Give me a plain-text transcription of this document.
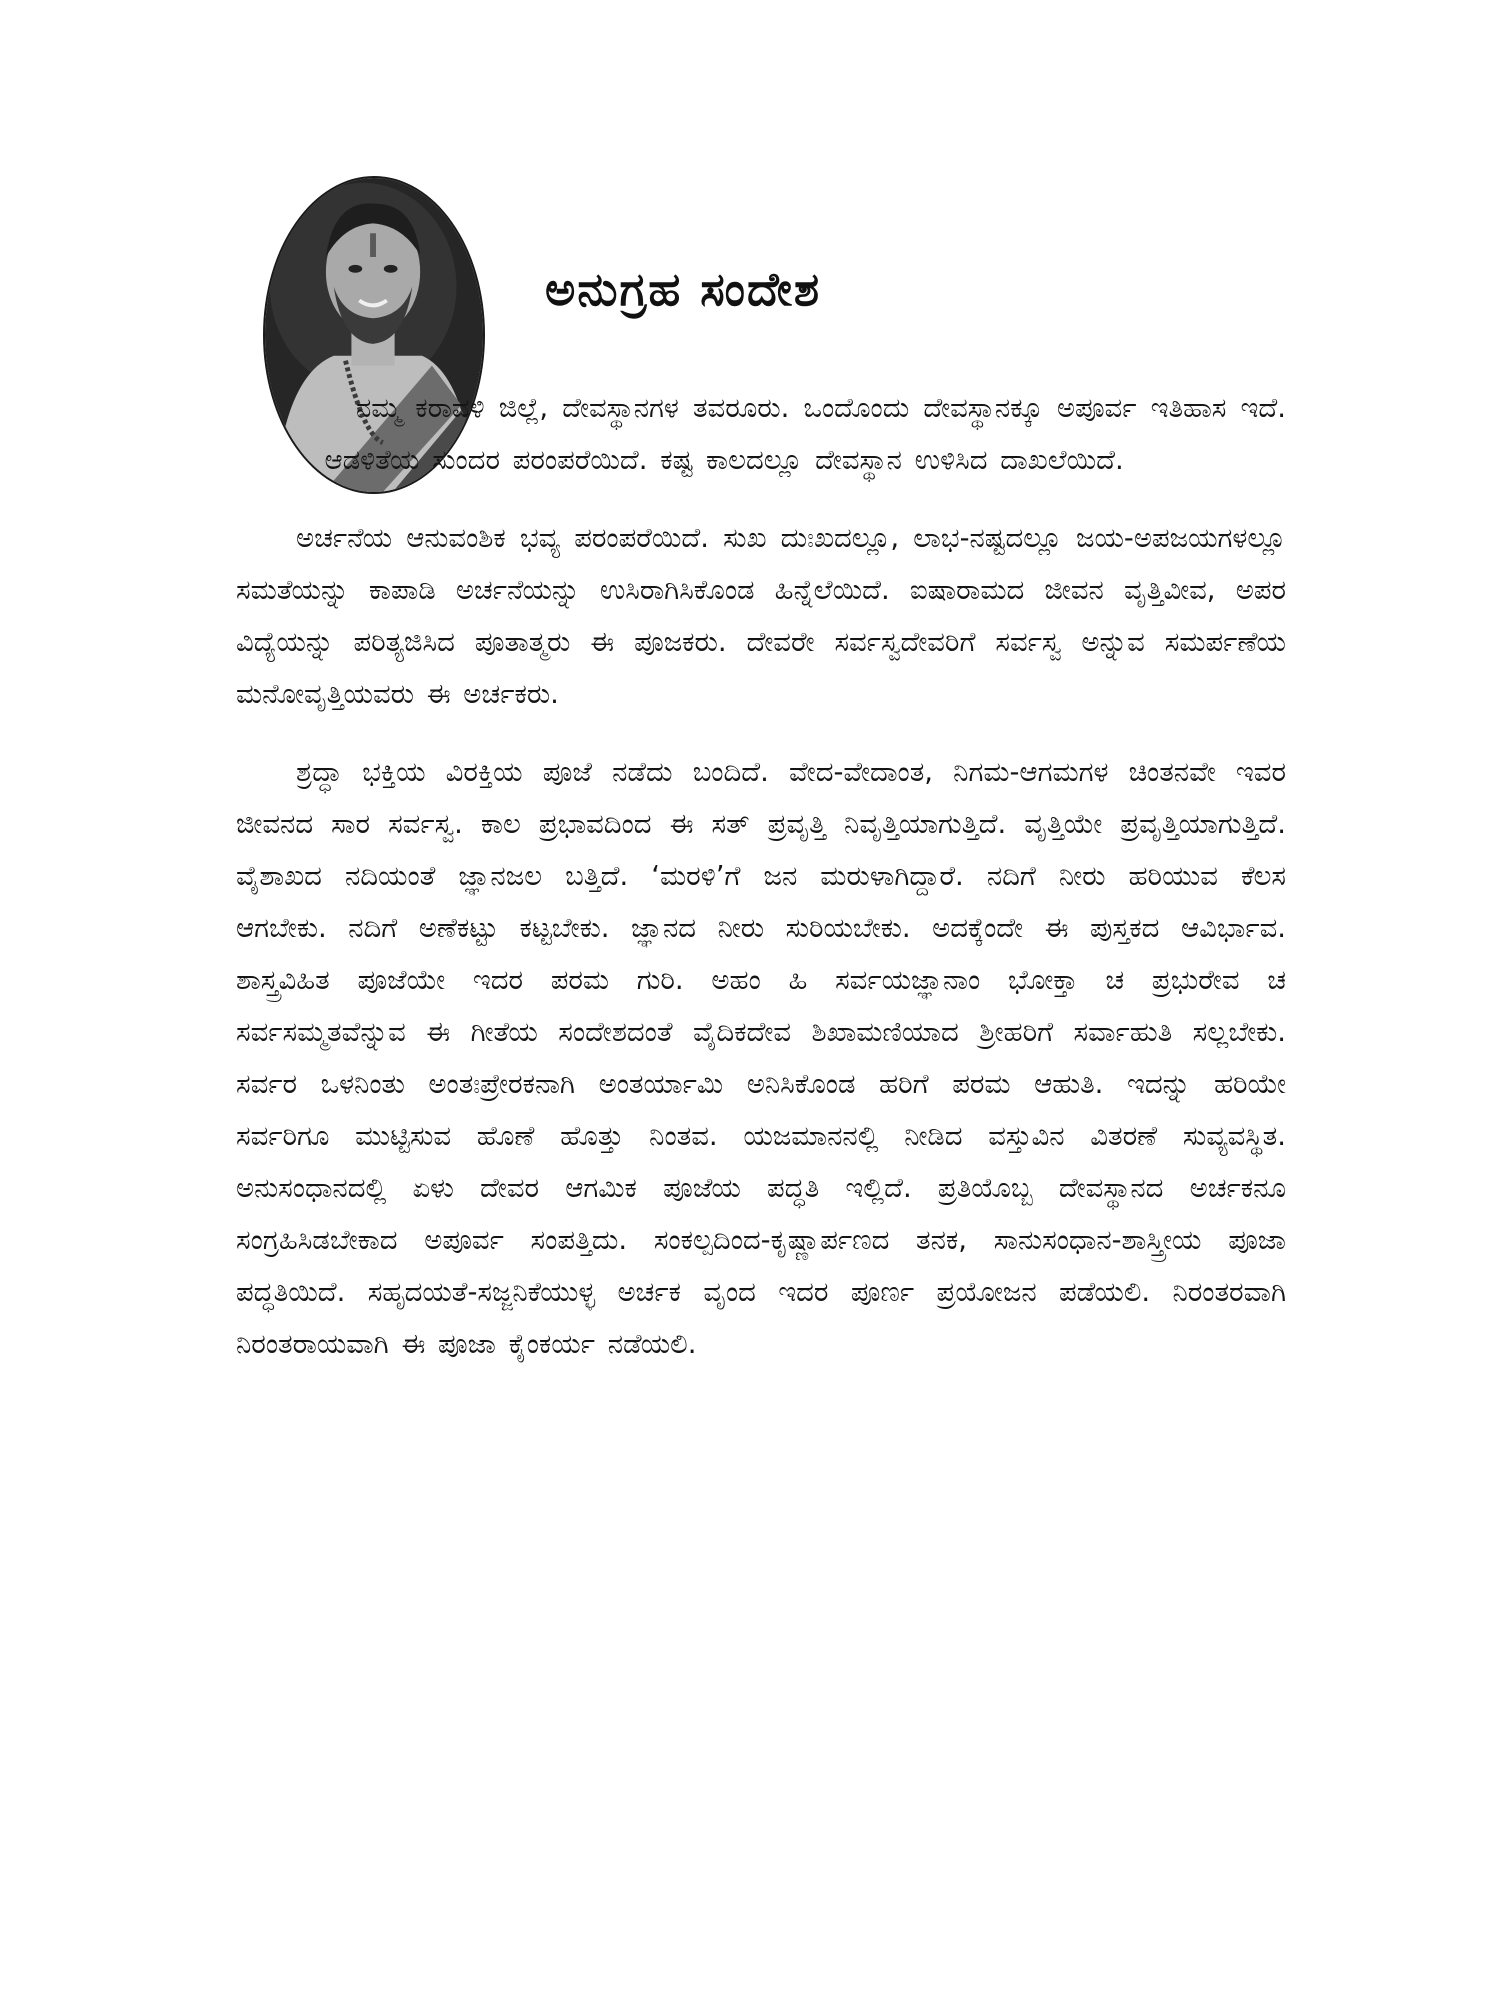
ಅನುಗ್ರಹ ಸಂದೇಶ

ನಮ್ಮ ಕರಾವಳಿ ಜಿಲ್ಲೆ, ದೇವಸ್ಥಾನಗಳ ತವರೂರು. ಒಂದೊಂದು ದೇವಸ್ಥಾನಕ್ಕೂ ಅಪೂರ್ವ ಇತಿಹಾಸ ಇದೆ. ಆಡಳಿತೆಯ ಸುಂದರ ಪರಂಪರೆಯಿದೆ. ಕಷ್ಟ ಕಾಲದಲ್ಲೂ ದೇವಸ್ಥಾನ ಉಳಿಸಿದ ದಾಖಲೆಯಿದೆ.

ಅರ್ಚನೆಯ ಆನುವಂಶಿಕ ಭವ್ಯ ಪರಂಪರೆಯಿದೆ. ಸುಖ ದುಃಖದಲ್ಲೂ, ಲಾಭ-ನಷ್ಟದಲ್ಲೂ ಜಯ-ಅಪಜಯಗಳಲ್ಲೂ ಸಮತೆಯನ್ನು ಕಾಪಾಡಿ ಅರ್ಚನೆಯನ್ನು ಉಸಿರಾಗಿಸಿಕೊಂಡ ಹಿನ್ನೆಲೆಯಿದೆ. ಐಷಾರಾಮದ ಜೀವನ ವೃತ್ತಿವೀವ, ಅಪರ ವಿದ್ಯೆಯನ್ನು ಪರಿತ್ಯಜಿಸಿದ ಪೂತಾತ್ಮರು ಈ ಪೂಜಕರು. ದೇವರೇ ಸರ್ವಸ್ವದೇವರಿಗೆ ಸರ್ವಸ್ವ ಅನ್ನುವ ಸಮರ್ಪಣೆಯ ಮನೋವೃತ್ತಿಯವರು ಈ ಅರ್ಚಕರು.

ಶ್ರದ್ಧಾ ಭಕ್ತಿಯ ವಿರಕ್ತಿಯ ಪೂಜೆ ನಡೆದು ಬಂದಿದೆ. ವೇದ-ವೇದಾಂತ, ನಿಗಮ-ಆಗಮಗಳ ಚಿಂತನವೇ ಇವರ ಜೀವನದ ಸಾರ ಸರ್ವಸ್ವ. ಕಾಲ ಪ್ರಭಾವದಿಂದ ಈ ಸತ್ ಪ್ರವೃತ್ತಿ ನಿವೃತ್ತಿಯಾಗುತ್ತಿದೆ. ವೃತ್ತಿಯೇ ಪ್ರವೃತ್ತಿಯಾಗುತ್ತಿದೆ. ವೈಶಾಖದ ನದಿಯಂತೆ ಜ್ಞಾನಜಲ ಬತ್ತಿದೆ. ‘ಮರಳಿ’ಗೆ ಜನ ಮರುಳಾಗಿದ್ದಾರೆ. ನದಿಗೆ ನೀರು ಹರಿಯುವ ಕೆಲಸ ಆಗಬೇಕು. ನದಿಗೆ ಅಣೆಕಟ್ಟು ಕಟ್ಟಬೇಕು. ಜ್ಞಾನದ ನೀರು ಸುರಿಯಬೇಕು. ಅದಕ್ಕೆಂದೇ ಈ ಪುಸ್ತಕದ ಆವಿರ್ಭಾವ. ಶಾಸ್ತ್ರವಿಹಿತ ಪೂಜೆಯೇ ಇದರ ಪರಮ ಗುರಿ. ಅಹಂ ಹಿ ಸರ್ವಯಜ್ಞಾನಾಂ ಭೋಕ್ತಾ ಚ ಪ್ರಭುರೇವ ಚ ಸರ್ವಸಮ್ಮತವೆನ್ನುವ ಈ ಗೀತೆಯ ಸಂದೇಶದಂತೆ ವೈದಿಕದೇವ ಶಿಖಾಮಣಿಯಾದ ಶ್ರೀಹರಿಗೆ ಸರ್ವಾಹುತಿ ಸಲ್ಲಬೇಕು. ಸರ್ವರ ಒಳನಿಂತು ಅಂತಃಪ್ರೇರಕನಾಗಿ ಅಂತರ್ಯಾಮಿ ಅನಿಸಿಕೊಂಡ ಹರಿಗೆ ಪರಮ ಆಹುತಿ. ಇದನ್ನು ಹರಿಯೇ ಸರ್ವರಿಗೂ ಮುಟ್ಟಿಸುವ ಹೊಣೆ ಹೊತ್ತು ನಿಂತವ. ಯಜಮಾನನಲ್ಲಿ ನೀಡಿದ ವಸ್ತುವಿನ ವಿತರಣೆ ಸುವ್ಯವಸ್ಥಿತ. ಅನುಸಂಧಾನದಲ್ಲಿ ಏಳು ದೇವರ ಆಗಮಿಕ ಪೂಜೆಯ ಪದ್ಧತಿ ಇಲ್ಲಿದೆ. ಪ್ರತಿಯೊಬ್ಬ ದೇವಸ್ಥಾನದ ಅರ್ಚಕನೂ ಸಂಗ್ರಹಿಸಿಡಬೇಕಾದ ಅಪೂರ್ವ ಸಂಪತ್ತಿದು. ಸಂಕಲ್ಪದಿಂದ-ಕೃಷ್ಣಾರ್ಪಣದ ತನಕ, ಸಾನುಸಂಧಾನ-ಶಾಸ್ತ್ರೀಯ ಪೂಜಾ ಪದ್ಧತಿಯಿದೆ. ಸಹೃದಯತೆ-ಸಜ್ಜನಿಕೆಯುಳ್ಳ ಅರ್ಚಕ ವೃಂದ ಇದರ ಪೂರ್ಣ ಪ್ರಯೋಜನ ಪಡೆಯಲಿ. ನಿರಂತರವಾಗಿ ನಿರಂತರಾಯವಾಗಿ ಈ ಪೂಜಾ ಕೈಂಕರ್ಯ ನಡೆಯಲಿ.
